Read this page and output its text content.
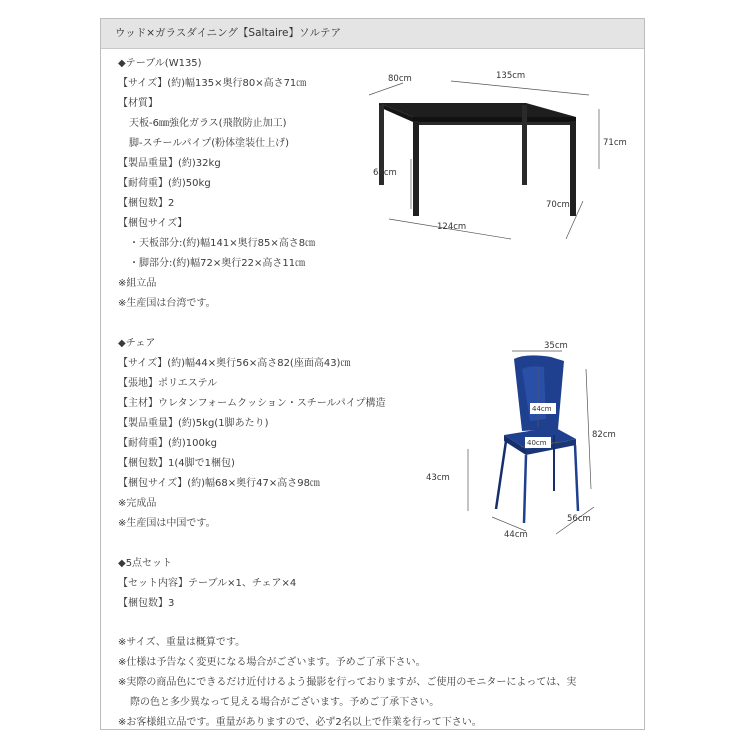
ウッド×ガラスダイニング【Saltaire】ソルテア
◆テーブル(W135)
【サイズ】(約)幅135×奥行80×高さ71㎝
【材質】
天板-6㎜強化ガラス(飛散防止加工)
脚-スチールパイプ(粉体塗装仕上げ)
【製品重量】(約)32kg
【耐荷重】(約)50kg
【梱包数】2
【梱包サイズ】
・天板部分:(約)幅141×奥行85×高さ8㎝
・脚部分:(約)幅72×奥行22×高さ11㎝
※組立品
※生産国は台湾です。
◆チェア
【サイズ】(約)幅44×奥行56×高さ82(座面高43)㎝
【張地】ポリエステル
【主材】ウレタンフォームクッション・スチールパイプ構造
【製品重量】(約)5kg(1脚あたり)
【耐荷重】(約)100kg
【梱包数】1(4脚で1梱包)
【梱包サイズ】(約)幅68×奥行47×高さ98㎝
※完成品
※生産国は中国です。
◆5点セット
【セット内容】テーブル×1、チェア×4
【梱包数】3
※サイズ、重量は概算です。
※仕様は予告なく変更になる場合がございます。予めご了承下さい。
※実際の商品色にできるだけ近付けるよう撮影を行っておりますが、ご使用のモニターによっては、実
際の色と多少異なって見える場合がございます。予めご了承下さい。
※お客様組立品です。重量がありますので、必ず2名以上で作業を行って下さい。
80cm	135cm
71cm
64cm
124cm
70cm
35cm
44cm
40cm
82cm
43cm
56cm
44cm
